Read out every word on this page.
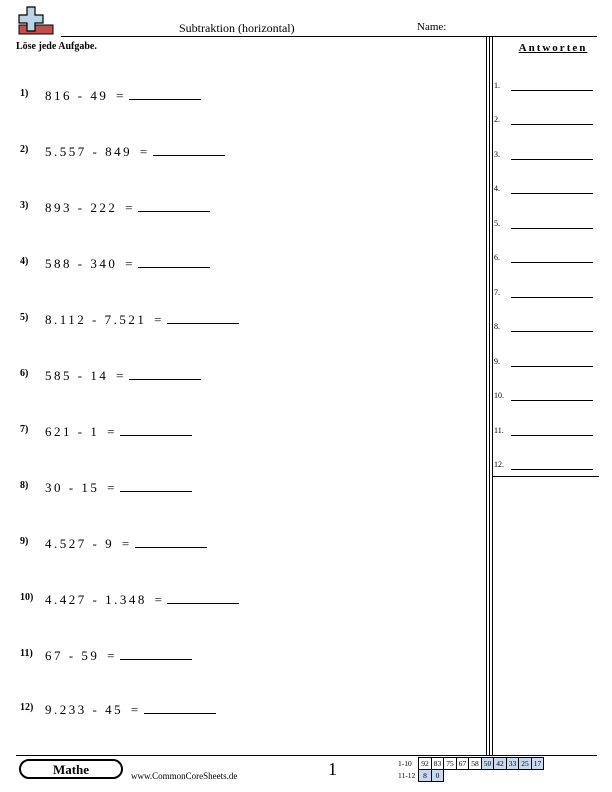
Subtraktion (horizontal)	Name:
Löse jede Aufgabe.	Antworten
1.
2.
3.
4.
5.
6.
7.
8.
9.
10.
11.
12.
1) 816 - 49 =
2) 5.557 - 849 =
3) 893 - 222 =
4) 588 - 340 =
5) 8.112 - 7.521 =
6) 585 - 14 =
7) 621 - 1 =
8) 30 - 15 =
9) 4.527 - 9 =
10) 4.427 - 1.348 =
11) 67 - 59 =
12) 9.233 - 45 =
Mathe	www.CommonCoreSheets.de	1	1-10	92	83	75	67	58	50	42	33	25	17
11-12	8	0								
